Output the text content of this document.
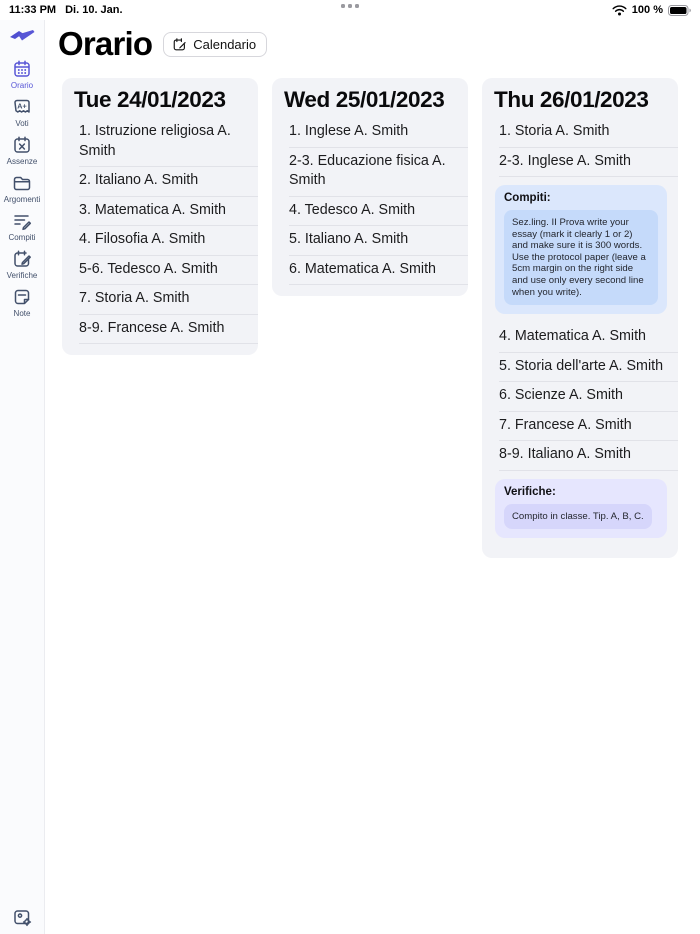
11:33 PM Di. 10. Jan.	100 %
Orario
A+
Voti
Assenze
Argomenti
Compiti
Verifiche
Note
Orario	Calendario
Tue 24/01/2023
1. Istruzione religiosa A. Smith
2. Italiano A. Smith
3. Matematica A. Smith
4. Filosofia A. Smith
5-6. Tedesco A. Smith
7. Storia A. Smith
8-9. Francese A. Smith
Wed 25/01/2023
1. Inglese A. Smith
2-3. Educazione fisica A. Smith
4. Tedesco A. Smith
5. Italiano A. Smith
6. Matematica A. Smith
Thu 26/01/2023
1. Storia A. Smith
2-3. Inglese A. Smith
Compiti:
Sez.ling. II Prova write your essay (mark it clearly 1 or 2) and make sure it is 300 words. Use the protocol paper (leave a 5cm margin on the right side and use only every second line when you write).
4. Matematica A. Smith
5. Storia dell'arte A. Smith
6. Scienze A. Smith
7. Francese A. Smith
8-9. Italiano A. Smith
Verifiche:
Compito in classe. Tip. A, B, C.
